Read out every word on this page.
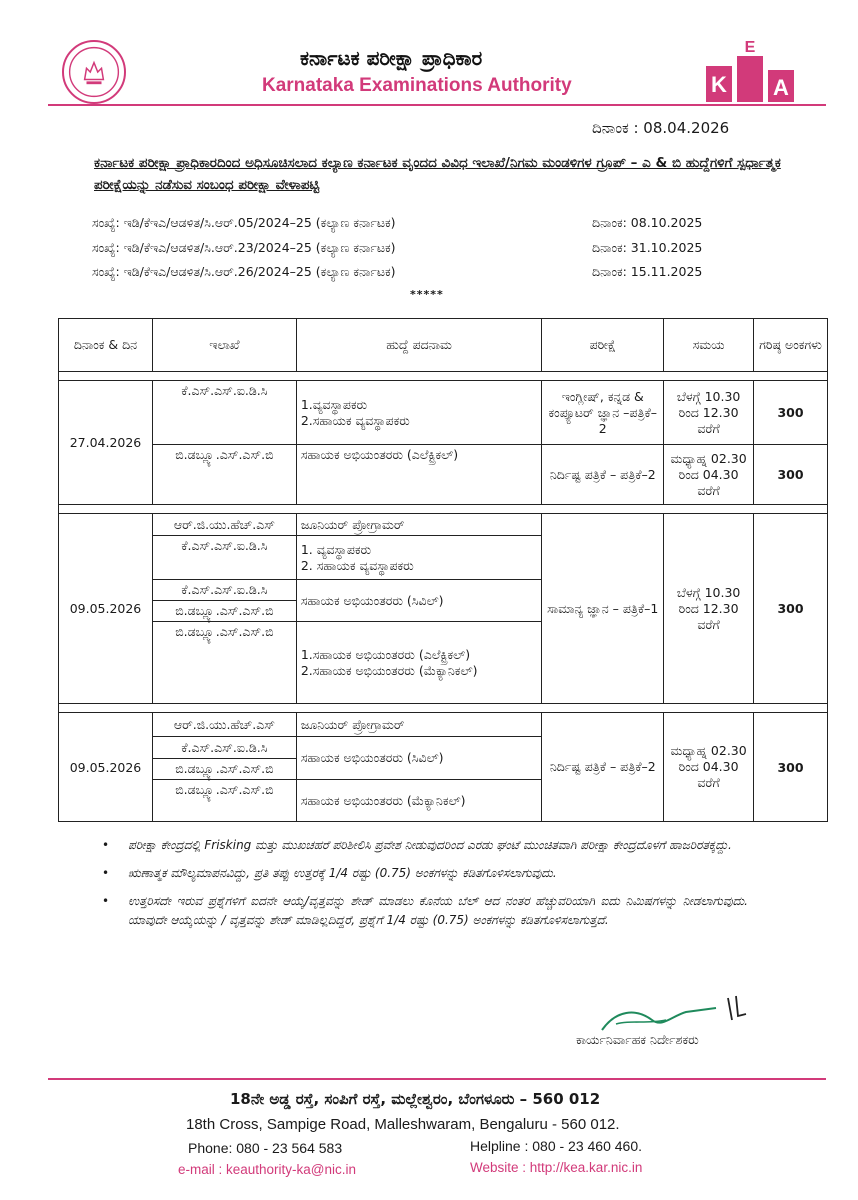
ಕರ್ನಾಟಕ ಪರೀಕ್ಷಾ ಪ್ರಾಧಿಕಾರ
Karnataka Examinations Authority	K
E
A
ದಿನಾಂಕ : 08.04.2026
ಕರ್ನಾಟಕ ಪರೀಕ್ಷಾ ಪ್ರಾಧಿಕಾರದಿಂದ ಅಧಿಸೂಚಿಸಲಾದ ಕಲ್ಯಾಣ ಕರ್ನಾಟಕ ವೃಂದದ ವಿವಿಧ ಇಲಾಖೆ/ನಿಗಮ ಮಂಡಳಿಗಳ ಗ್ರೂಪ್ – ಎ & ಬಿ ಹುದ್ದೆಗಳಿಗೆ ಸ್ಪರ್ಧಾತ್ಮಕ ಪರೀಕ್ಷೆಯನ್ನು ನಡೆಸುವ ಸಂಬಂಧ ಪರೀಕ್ಷಾ ವೇಳಾಪಟ್ಟಿ
ಸಂಖ್ಯೆ: ಇಡಿ/ಕೆಇಎ/ಆಡಳಿತ/ಸಿ.ಆರ್.05/2024–25 (ಕಲ್ಯಾಣ ಕರ್ನಾಟಕ)	ದಿನಾಂಕ: 08.10.2025
ಸಂಖ್ಯೆ: ಇಡಿ/ಕೆಇಎ/ಆಡಳಿತ/ಸಿ.ಆರ್.23/2024–25 (ಕಲ್ಯಾಣ ಕರ್ನಾಟಕ)	ದಿನಾಂಕ: 31.10.2025
ಸಂಖ್ಯೆ: ಇಡಿ/ಕೆಇಎ/ಆಡಳಿತ/ಸಿ.ಆರ್.26/2024–25 (ಕಲ್ಯಾಣ ಕರ್ನಾಟಕ)	ದಿನಾಂಕ: 15.11.2025
*****
ದಿನಾಂಕ & ದಿನ	ಇಲಾಖೆ	ಹುದ್ದೆ ಪದನಾಮ	ಪರೀಕ್ಷೆ	ಸಮಯ	ಗರಿಷ್ಠ ಅಂಕಗಳು

27.04.2026	ಕೆ.ಎಸ್.ಎಸ್.ಐ.ಡಿ.ಸಿ	1.ವ್ಯವಸ್ಥಾಪಕರು
2.ಸಹಾಯಕ ವ್ಯವಸ್ಥಾಪಕರು	ಇಂಗ್ಲೀಷ್, ಕನ್ನಡ & ಕಂಪ್ಯೂಟರ್ ಜ್ಞಾನ –ಪತ್ರಿಕೆ–2	ಬೆಳಗ್ಗೆ 10.30 ರಿಂದ 12.30 ವರೆಗೆ	300
	ಬಿ.ಡಬ್ಲ್ಯೂ.ಎಸ್.ಎಸ್.ಬಿ	ಸಹಾಯಕ ಅಭಿಯಂತರರು (ಎಲೆಕ್ಟ್ರಿಕಲ್)	ನಿರ್ದಿಷ್ಟ ಪತ್ರಿಕೆ – ಪತ್ರಿಕೆ–2	ಮಧ್ಯಾಹ್ನ 02.30 ರಿಂದ 04.30 ವರೆಗೆ	300

09.05.2026	ಆರ್.ಜಿ.ಯು.ಹೆಚ್.ಎಸ್	ಜೂನಿಯರ್ ಪ್ರೋಗ್ರಾಮರ್	ಸಾಮಾನ್ಯ ಜ್ಞಾನ – ಪತ್ರಿಕೆ–1	ಬೆಳಗ್ಗೆ 10.30 ರಿಂದ 12.30 ವರೆಗೆ	300
	ಕೆ.ಎಸ್.ಎಸ್.ಐ.ಡಿ.ಸಿ	1. ವ್ಯವಸ್ಥಾಪಕರು
2. ಸಹಾಯಕ ವ್ಯವಸ್ಥಾಪಕರು			

	ಕೆ.ಎಸ್.ಎಸ್.ಐ.ಡಿ.ಸಿ	ಸಹಾಯಕ ಅಭಿಯಂತರರು (ಸಿವಿಲ್)			
	ಬಿ.ಡಬ್ಲ್ಯೂ.ಎಸ್.ಎಸ್.ಬಿ				
	ಬಿ.ಡಬ್ಲ್ಯೂ.ಎಸ್.ಎಸ್.ಬಿ	1.ಸಹಾಯಕ ಅಭಿಯಂತರರು (ಎಲೆಕ್ಟ್ರಿಕಲ್)
2.ಸಹಾಯಕ ಅಭಿಯಂತರರು (ಮೆಕ್ಯಾನಿಕಲ್)			

09.05.2026	ಆರ್.ಜಿ.ಯು.ಹೆಚ್.ಎಸ್	ಜೂನಿಯರ್ ಪ್ರೋಗ್ರಾಮರ್	ನಿರ್ದಿಷ್ಟ ಪತ್ರಿಕೆ – ಪತ್ರಿಕೆ–2	ಮಧ್ಯಾಹ್ನ 02.30 ರಿಂದ 04.30 ವರೆಗೆ	300
	ಕೆ.ಎಸ್.ಎಸ್.ಐ.ಡಿ.ಸಿ	ಸಹಾಯಕ ಅಭಿಯಂತರರು (ಸಿವಿಲ್)			
	ಬಿ.ಡಬ್ಲ್ಯೂ.ಎಸ್.ಎಸ್.ಬಿ				
	ಬಿ.ಡಬ್ಲ್ಯೂ.ಎಸ್.ಎಸ್.ಬಿ	ಸಹಾಯಕ ಅಭಿಯಂತರರು (ಮೆಕ್ಯಾನಿಕಲ್)			
• ಪರೀಕ್ಷಾ ಕೇಂದ್ರದಲ್ಲಿ Frisking ಮತ್ತು ಮುಖಚಹರೆ ಪರಿಶೀಲಿಸಿ ಪ್ರವೇಶ ನೀಡುವುದರಿಂದ ಎರಡು ಘಂಟೆ ಮುಂಚಿತವಾಗಿ ಪರೀಕ್ಷಾ ಕೇಂದ್ರದೊಳಗೆ ಹಾಜರಿರತಕ್ಕದ್ದು.
• ಋಣಾತ್ಮಕ ಮೌಲ್ಯಮಾಪನವಿದ್ದು, ಪ್ರತಿ ತಪ್ಪು ಉತ್ತರಕ್ಕೆ 1/4 ರಷ್ಟು (0.75) ಅಂಕಗಳನ್ನು ಕಡಿತಗೊಳಿಸಲಾಗುವುದು.
• ಉತ್ತರಿಸದೇ ಇರುವ ಪ್ರಶ್ನೆಗಳಿಗೆ ಐದನೇ ಆಯ್ಕೆ/ವೃತ್ತವನ್ನು ಶೇಡ್ ಮಾಡಲು ಕೊನೆಯ ಬೆಲ್ ಆದ ನಂತರ ಹೆಚ್ಚುವರಿಯಾಗಿ ಐದು ನಿಮಿಷಗಳನ್ನು ನೀಡಲಾಗುವುದು. ಯಾವುದೇ ಆಯ್ಕೆಯನ್ನು / ವೃತ್ತವನ್ನು ಶೇಡ್ ಮಾಡಿಲ್ಲದಿದ್ದರೆ, ಪ್ರಶ್ನೆಗೆ 1/4 ರಷ್ಟು (0.75) ಅಂಕಗಳನ್ನು ಕಡಿತಗೊಳಿಸಲಾಗುತ್ತದೆ.
ಕಾರ್ಯನಿರ್ವಾಹಕ ನಿರ್ದೇಶಕರು
18ನೇ ಅಡ್ಡ ರಸ್ತೆ, ಸಂಪಿಗೆ ರಸ್ತೆ, ಮಲ್ಲೇಶ್ವರಂ, ಬೆಂಗಳೂರು – 560 012
18th Cross, Sampige Road, Malleshwaram, Bengaluru - 560 012.
Phone: 080 - 23 564 583	Helpline : 080 - 23 460 460.
e-mail : keauthority-ka@nic.in	Website : http://kea.kar.nic.in
